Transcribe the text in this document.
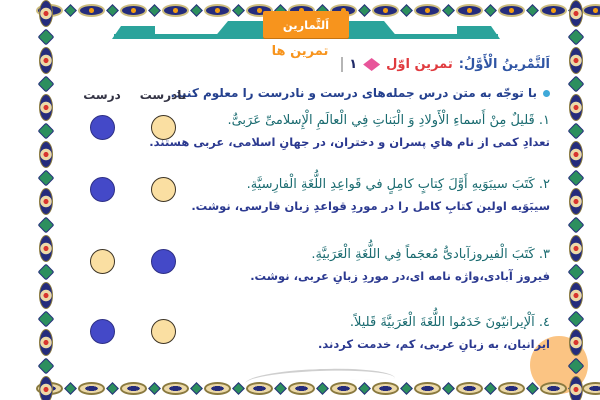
اَلتَّمارین
تمرین ها
اَلتَّمْرینُ الْأَوَّلُ:
تمرین اوّل
۱
با توجّه به متن درس جمله‌های درست و نادرست را معلوم کنید.
درست	نادرست
۱. قَلیلٌ مِنْ أَسماءِ الْأَولادِ وَ الْبَناتِ فِي الْعالَمِ الْإِسلامیِّ عَرَبیٌّ.
تعدادِ کمی از نام هایِ پسران و دختران، در جهانِ اسلامی، عربی هستند.
۲. کَتَبَ سیبَوَیهِ أَوَّلَ کِتابٍ کامِلٍ في قَواعِدِ اللُّغَةِ الْفارِسیَّةِ.
سیبَوَیه اولین کتابِ کامل را در موردِ قواعدِ زبان فارسی، نوشت.
۳. کَتَبَ الْفیروزآبادیُّ مُعجَماً فِي اللُّغَةِ الْعَرَبیَّةِ.
فیروز آبادی،واژه نامه ای،در موردِ زبانِ عربی، نوشت.
٤. اَلْإیرانیّونَ خَدَمُوا اللُّغَةَ الْعَرَبیَّةَ قَلیلاً.
ایرانیان، به زبانِ عربی، کم، خدمت کردند.
